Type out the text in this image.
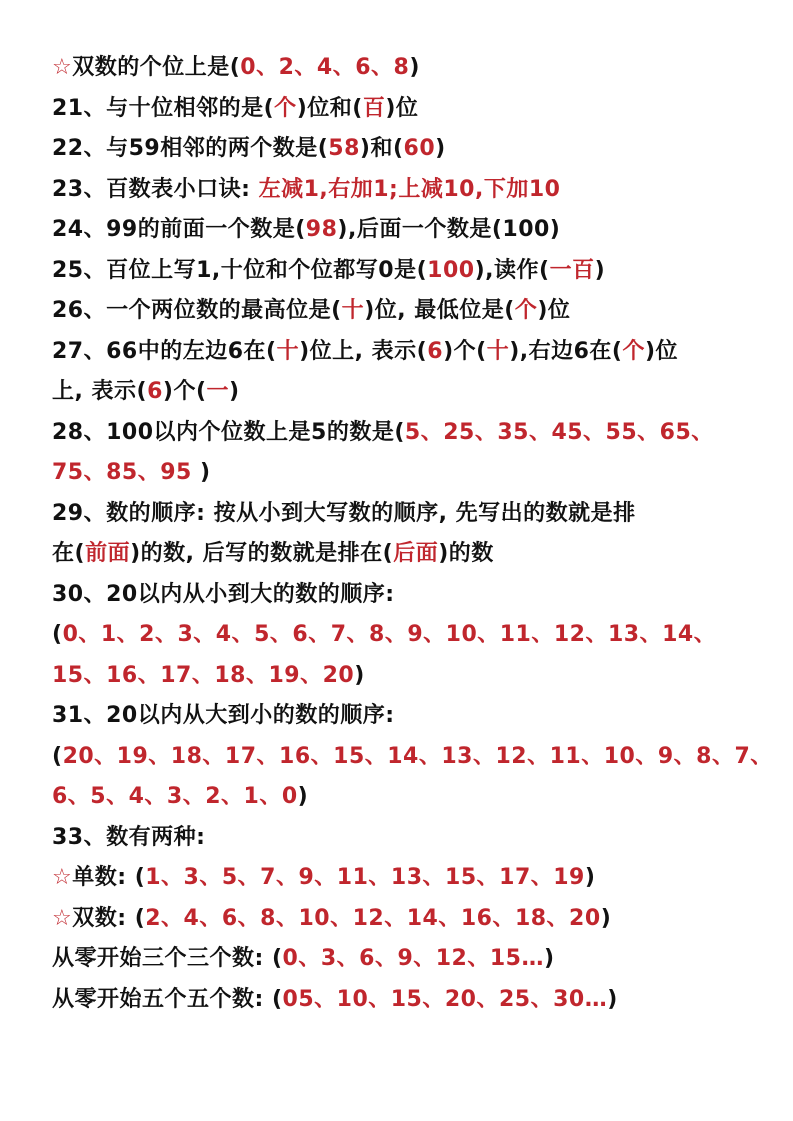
☆双数的个位上是(0、2、4、6、8)
21、与十位相邻的是(个)位和(百)位
22、与59相邻的两个数是(58)和(60)
23、百数表小口诀: 左减1,右加1;上减10,下加10
24、99的前面一个数是(98),后面一个数是(100)
25、百位上写1,十位和个位都写0是(100),读作(一百)
26、一个两位数的最高位是(十)位, 最低位是(个)位
27、66中的左边6在(十)位上, 表示(6)个(十),右边6在(个)位
上, 表示(6)个(一)
28、100以内个位数上是5的数是(5、25、35、45、55、65、
75、85、95 )
29、数的顺序: 按从小到大写数的顺序, 先写出的数就是排
在(前面)的数, 后写的数就是排在(后面)的数
30、20以内从小到大的数的顺序:
(0、1、2、3、4、5、6、7、8、9、10、11、12、13、14、
15、16、17、18、19、20)
31、20以内从大到小的数的顺序:
(20、19、18、17、16、15、14、13、12、11、10、9、8、7、
6、5、4、3、2、1、0)
33、数有两种:
☆单数: (1、3、5、7、9、11、13、15、17、19)
☆双数: (2、4、6、8、10、12、14、16、18、20)
从零开始三个三个数: (0、3、6、9、12、15…)
从零开始五个五个数: (05、10、15、20、25、30…)
